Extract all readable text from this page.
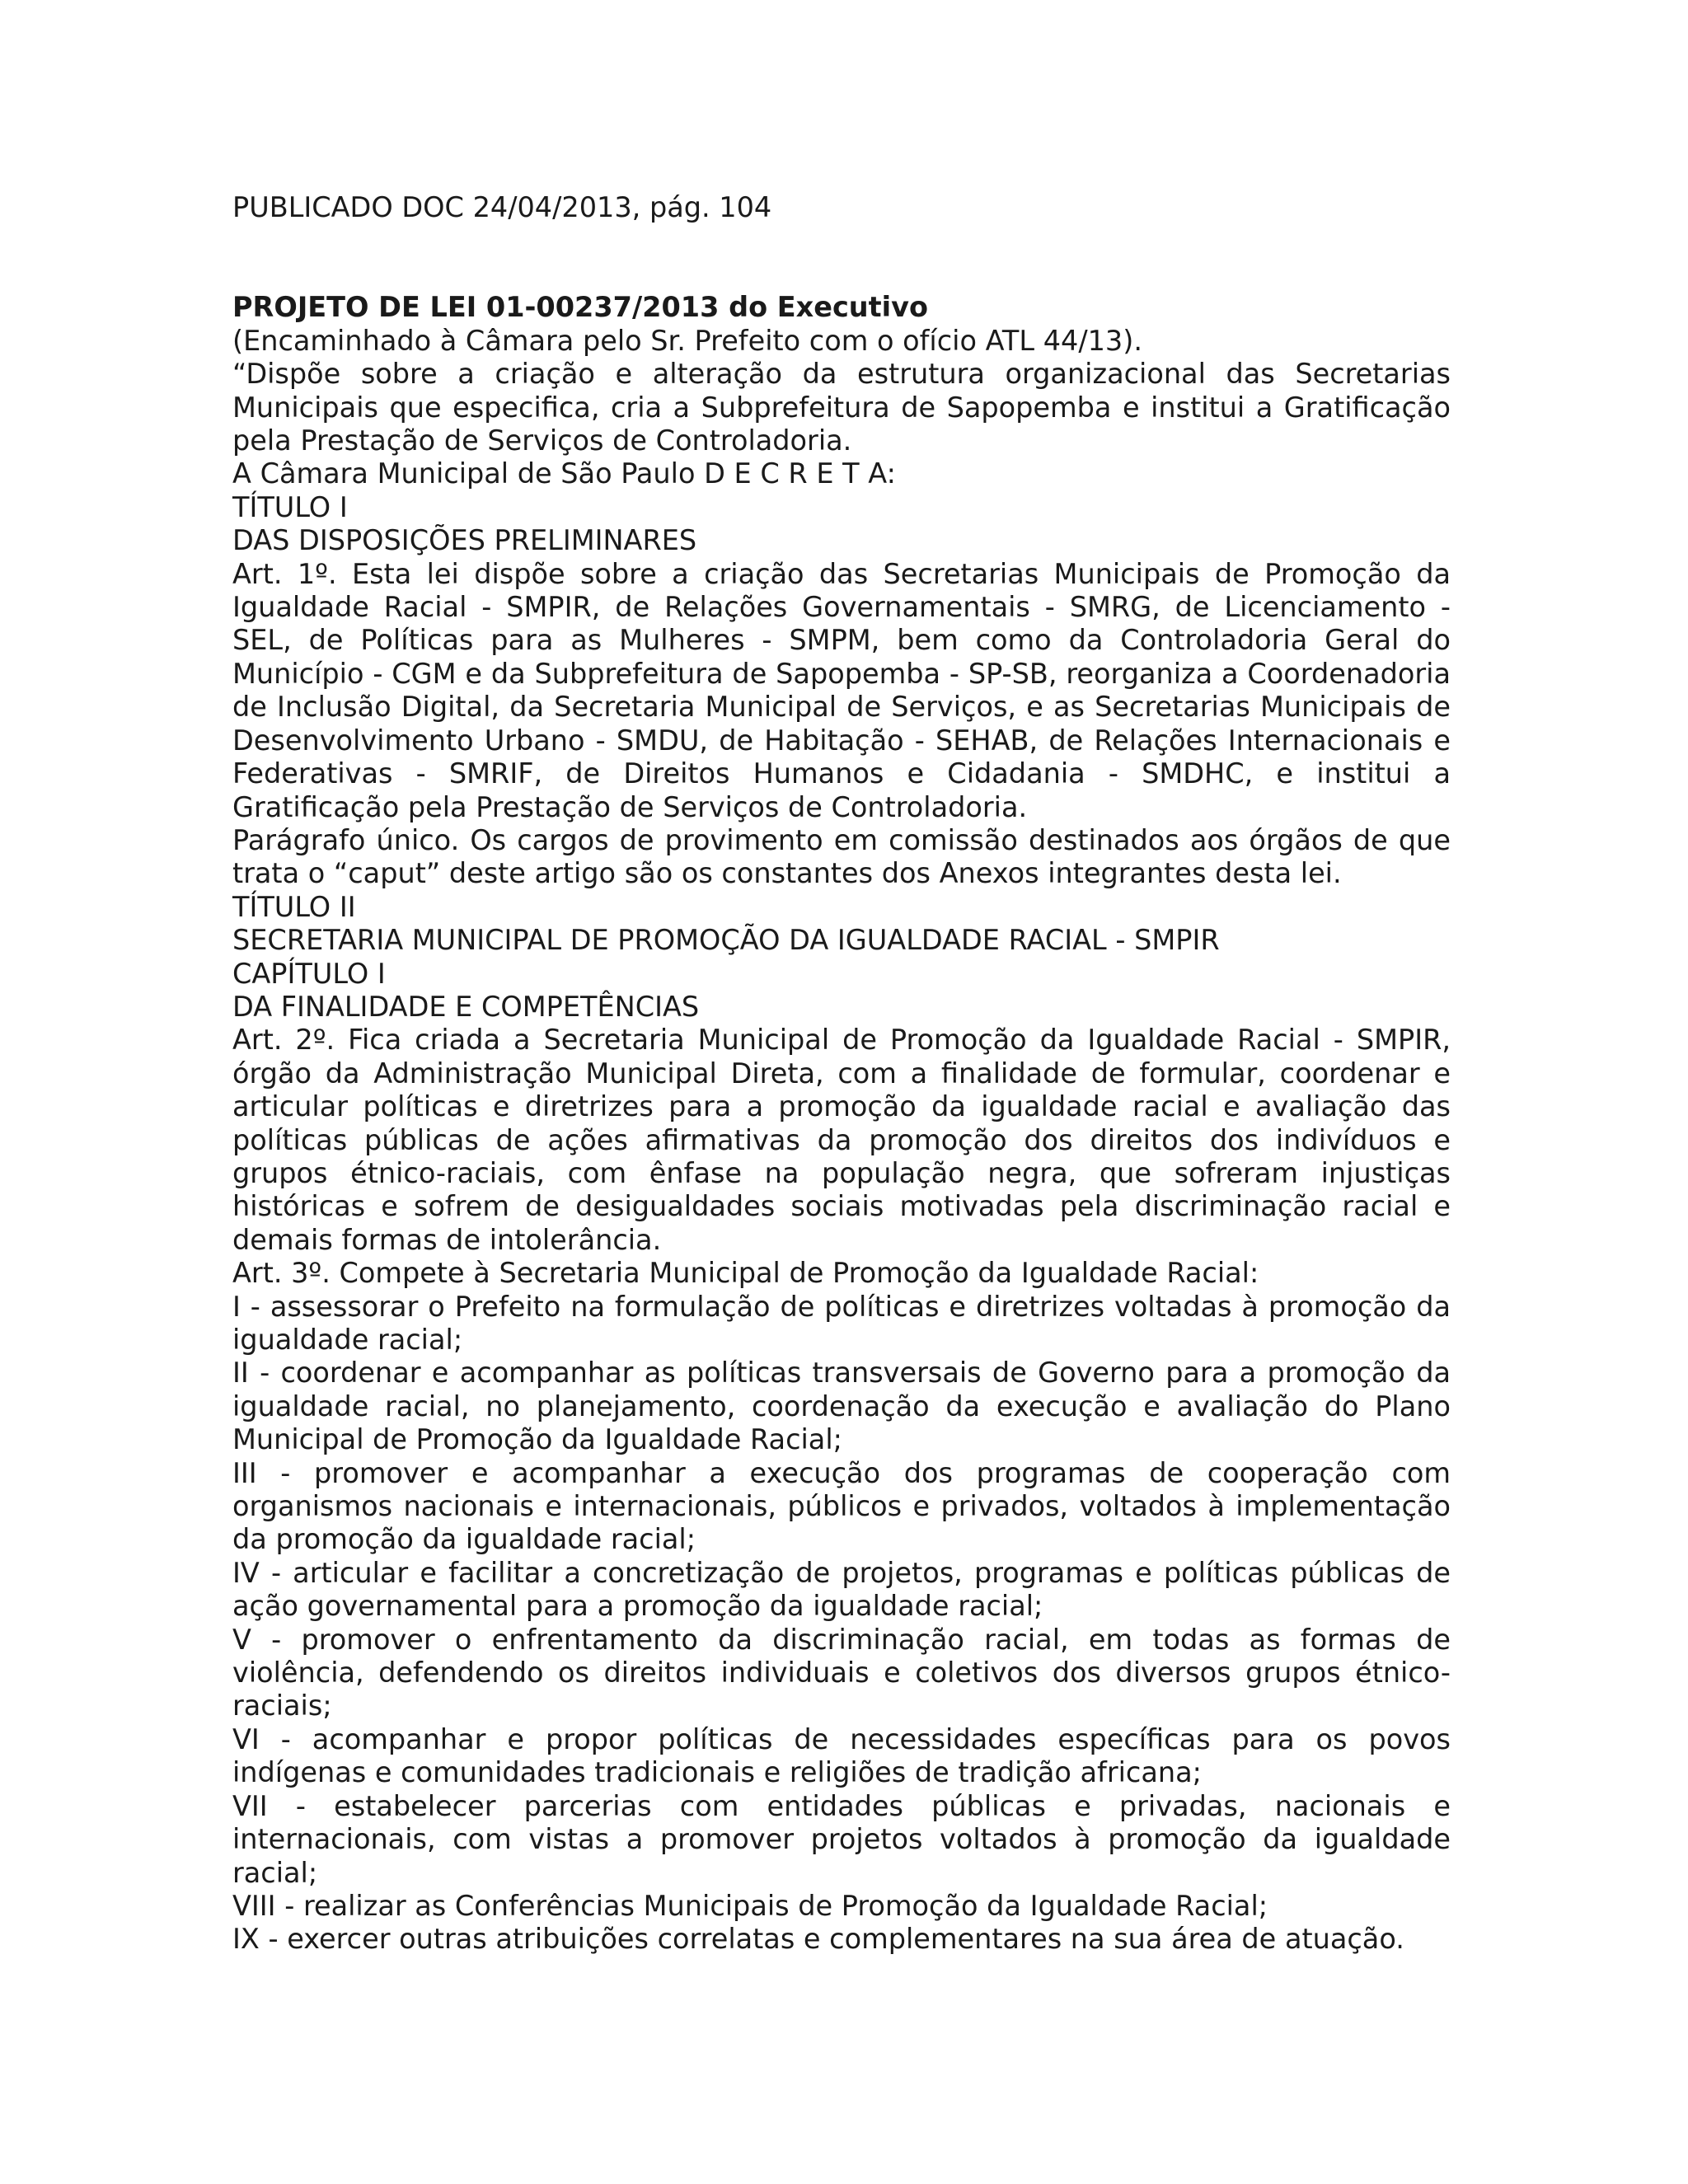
PUBLICADO DOC 24/04/2013, pág. 104
PROJETO DE LEI 01-00237/2013 do Executivo
(Encaminhado à Câmara pelo Sr. Prefeito com o ofício ATL 44/13).
“Dispõe sobre a criação e alteração da estrutura organizacional das Secretarias Municipais que especifica, cria a Subprefeitura de Sapopemba e institui a Gratificação pela Prestação de Serviços de Controladoria.
A Câmara Municipal de São Paulo D E C R E T A:
TÍTULO I
DAS DISPOSIÇÕES PRELIMINARES
Art. 1º. Esta lei dispõe sobre a criação das Secretarias Municipais de Promoção da Igualdade Racial - SMPIR, de Relações Governamentais - SMRG, de Licenciamento - SEL, de Políticas para as Mulheres - SMPM, bem como da Controladoria Geral do Município - CGM e da Subprefeitura de Sapopemba - SP-SB, reorganiza a Coordenadoria de Inclusão Digital, da Secretaria Municipal de Serviços, e as Secretarias Municipais de Desenvolvimento Urbano - SMDU, de Habitação - SEHAB, de Relações Internacionais e Federativas - SMRIF, de Direitos Humanos e Cidadania - SMDHC, e institui a Gratificação pela Prestação de Serviços de Controladoria.
Parágrafo único. Os cargos de provimento em comissão destinados aos órgãos de que trata o “caput” deste artigo são os constantes dos Anexos integrantes desta lei.
TÍTULO II
SECRETARIA MUNICIPAL DE PROMOÇÃO DA IGUALDADE RACIAL - SMPIR
CAPÍTULO I
DA FINALIDADE E COMPETÊNCIAS
Art. 2º. Fica criada a Secretaria Municipal de Promoção da Igualdade Racial - SMPIR, órgão da Administração Municipal Direta, com a finalidade de formular, coordenar e articular políticas e diretrizes para a promoção da igualdade racial e avaliação das políticas públicas de ações afirmativas da promoção dos direitos dos indivíduos e grupos étnico-raciais, com ênfase na população negra, que sofreram injustiças históricas e sofrem de desigualdades sociais motivadas pela discriminação racial e demais formas de intolerância.
Art. 3º. Compete à Secretaria Municipal de Promoção da Igualdade Racial:
I - assessorar o Prefeito na formulação de políticas e diretrizes voltadas à promoção da igualdade racial;
II - coordenar e acompanhar as políticas transversais de Governo para a promoção da igualdade racial, no planejamento, coordenação da execução e avaliação do Plano Municipal de Promoção da Igualdade Racial;
III - promover e acompanhar a execução dos programas de cooperação com organismos nacionais e internacionais, públicos e privados, voltados à implementação da promoção da igualdade racial;
IV - articular e facilitar a concretização de projetos, programas e políticas públicas de ação governamental para a promoção da igualdade racial;
V - promover o enfrentamento da discriminação racial, em todas as formas de violência, defendendo os direitos individuais e coletivos dos diversos grupos étnico-raciais;
VI - acompanhar e propor políticas de necessidades específicas para os povos indígenas e comunidades tradicionais e religiões de tradição africana;
VII - estabelecer parcerias com entidades públicas e privadas, nacionais e internacionais, com vistas a promover projetos voltados à promoção da igualdade racial;
VIII - realizar as Conferências Municipais de Promoção da Igualdade Racial;
IX - exercer outras atribuições correlatas e complementares na sua área de atuação.
